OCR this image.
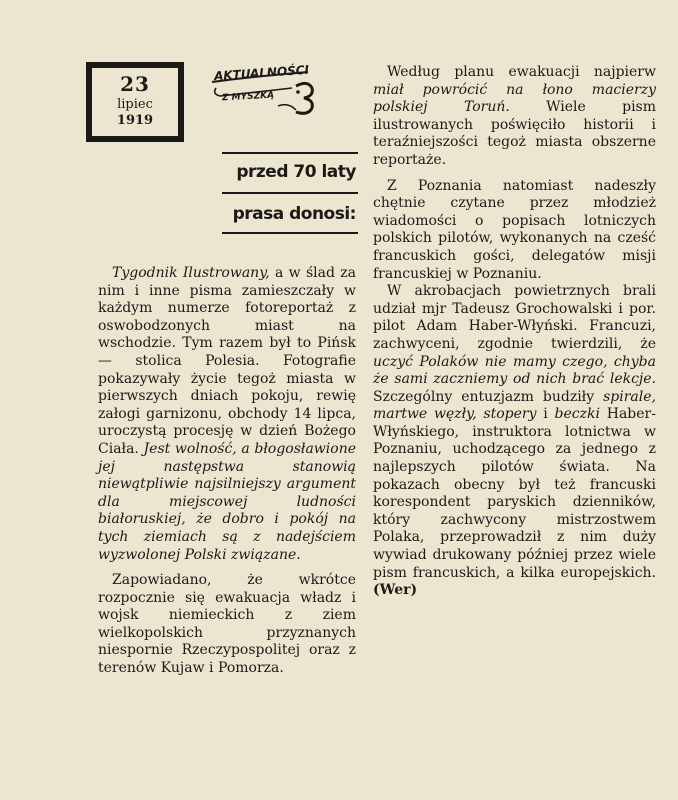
23
lipiec
1919
AKTUALNOŚCI
Z MYSZKĄ
przed 70 laty
prasa donosi:

Tygodnik Ilustrowany, a w ślad za nim i inne pisma zamieszczały w każdym numerze fotoreportaż z oswobodzonych miast na wschodzie. Tym razem był to Pińsk — stolica Polesia. Fotografie pokazywały życie tegoż miasta w pierwszych dniach pokoju, rewię załogi garnizonu, obchody 14 lipca, uroczystą procesję w dzień Bożego Ciała. Jest wolność, a błogosławione jej następstwa stanowią niewątpliwie najsilniejszy argument dla miejscowej ludności białoruskiej, że dobro i pokój na tych ziemiach są z nadejściem wyzwolonej Polski związane.

Zapowiadano, że wkrótce rozpocznie się ewakuacja władz i wojsk niemieckich z ziem wielkopolskich przyznanych niespornie Rzeczypospolitej oraz z terenów Kujaw i Pomorza.

Według planu ewakuacji najpierw miał powrócić na łono macierzy polskiej Toruń. Wiele pism ilustrowanych poświęciło historii i teraźniejszości tegoż miasta obszerne reportaże.

Z Poznania natomiast nadeszły chętnie czytane przez młodzież wiadomości o popisach lotniczych polskich pilotów, wykonanych na cześć francuskich gości, delegatów misji francuskiej w Poznaniu.

W akrobacjach powietrznych brali udział mjr Tadeusz Grochowalski i por. pilot Adam Haber-Włyński. Francuzi, zachwyceni, zgodnie twierdzili, że uczyć Polaków nie mamy czego, chyba że sami zaczniemy od nich brać lekcje. Szczególny entuzjazm budziły spirale, martwe węzły, stopery i beczki Haber-Włyńskiego, instruktora lotnictwa w Poznaniu, uchodzącego za jednego z najlepszych pilotów świata. Na pokazach obecny był też francuski korespondent paryskich dzienników, który zachwycony mistrzostwem Polaka, przeprowadził z nim duży wywiad drukowany później przez wiele pism francuskich, a kilka europejskich. (Wer)
